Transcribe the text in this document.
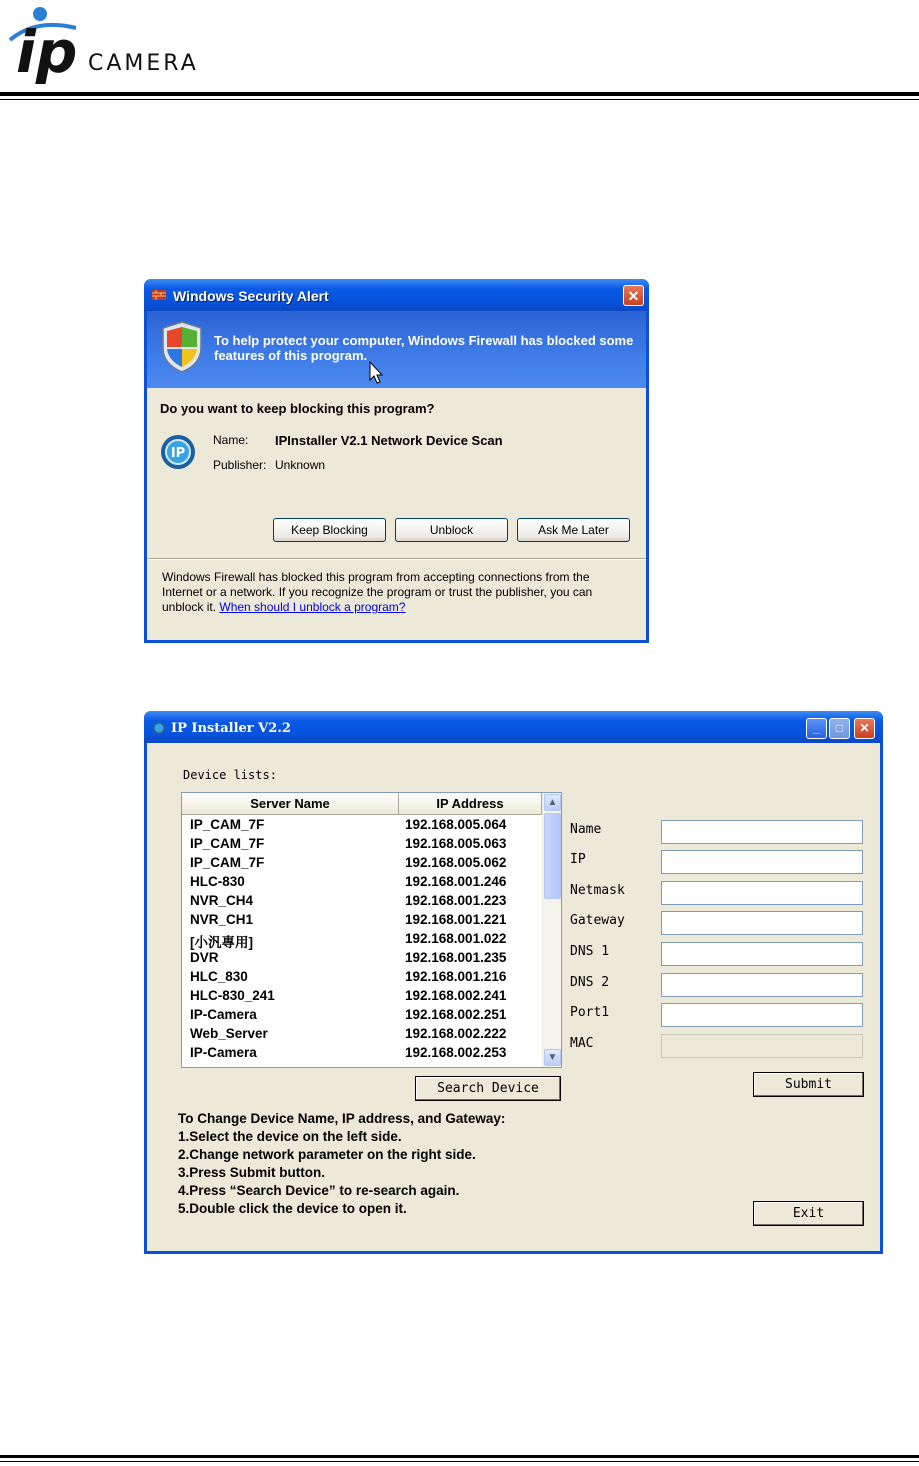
ip CAMERA
Windows Security Alert	✕
To help protect your computer, Windows Firewall has blocked some features of this program.
Do you want to keep blocking this program?
IP
Name: IPInstaller V2.1 Network Device Scan
Publisher: Unknown
Keep Blocking	Unblock	Ask Me Later
Windows Firewall has blocked this program from accepting connections from the Internet or a network. If you recognize the program or trust the publisher, you can unblock it. When should I unblock a program?
IP Installer V2.2	_	□	✕
Device lists:
Server Name	IP Address
IP_CAM_7F	192.168.005.064
IP_CAM_7F	192.168.005.063
IP_CAM_7F	192.168.005.062
HLC-830	192.168.001.246
NVR_CH4	192.168.001.223
NVR_CH1	192.168.001.221
[小汎專用]	192.168.001.022
DVR	192.168.001.235
HLC_830	192.168.001.216
HLC-830_241	192.168.002.241
IP-Camera	192.168.002.251
Web_Server	192.168.002.222
IP-Camera	192.168.002.253
▲
▼
Search Device
Name
IP
Netmask
Gateway
DNS 1
DNS 2
Port1
MAC
Submit
To Change Device Name, IP address, and Gateway:
1.Select the device on the left side.
2.Change network parameter on the right side.
3.Press Submit button.
4.Press “Search Device” to re-search again.
5.Double click the device to open it.	Exit
